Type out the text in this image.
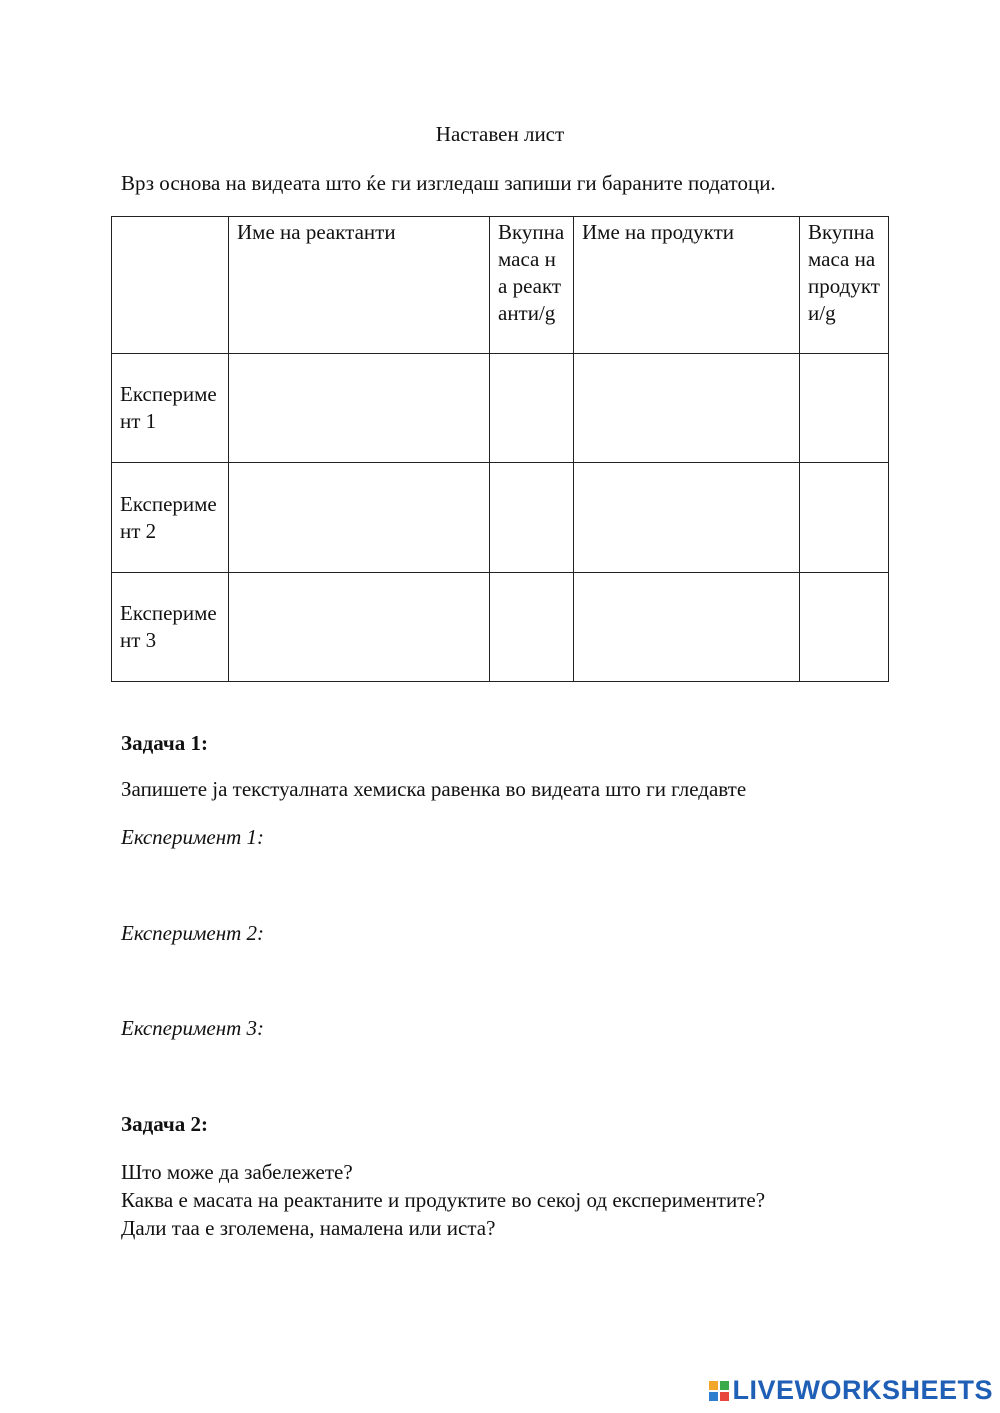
Наставен лист
Врз основа на видеата што ќе ги изгледаш запиши ги бараните податоци.
	Име на реактанти	Вкупна маса на реактанти/g	Име на продукти	Вкупна маса на продукти/g
Експеримент 1				
Експеримент 2				
Експеримент 3				
Задача 1:
Запишете ја текстуалната хемиска равенка во видеата што ги гледавте
Експеримент 1:
Експеримент 2:
Експеримент 3:
Задача 2:
Што може да забележете?
Каква е масата на реактаните и продуктите во секој од експериментите?
Дали таа е зголемена, намалена или иста?
LIVEWORKSHEETS
